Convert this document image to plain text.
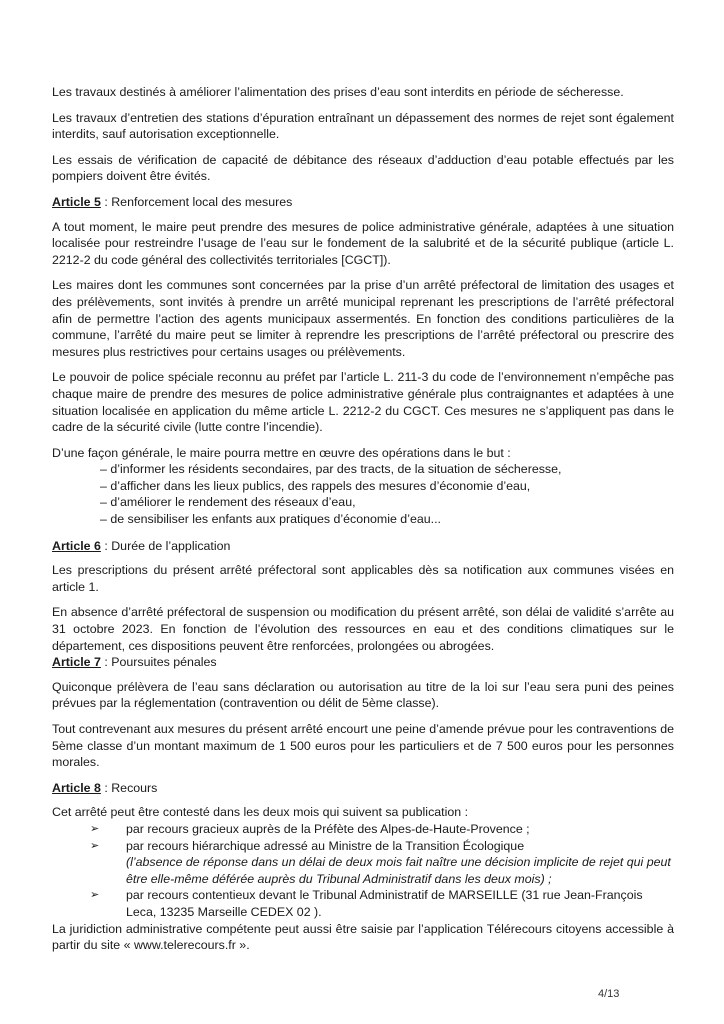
Les travaux destinés à améliorer l’alimentation des prises d’eau sont interdits en période de sécheresse.

Les travaux d’entretien des stations d’épuration entraînant un dépassement des normes de rejet sont également interdits, sauf autorisation exceptionnelle.

Les essais de vérification de capacité de débitance des réseaux d’adduction d’eau potable effectués par les pompiers doivent être évités.

Article 5 : Renforcement local des mesures

A tout moment, le maire peut prendre des mesures de police administrative générale, adaptées à une situation localisée pour restreindre l’usage de l’eau sur le fondement de la salubrité et de la sécurité publique (article L. 2212-2 du code général des collectivités territoriales [CGCT]).

Les maires dont les communes sont concernées par la prise d’un arrêté préfectoral de limitation des usages et des prélèvements, sont invités à prendre un arrêté municipal reprenant les prescriptions de l’arrêté préfectoral afin de permettre l’action des agents municipaux assermentés. En fonction des conditions particulières de la commune, l’arrêté du maire peut se limiter à reprendre les prescriptions de l’arrêté préfectoral ou prescrire des mesures plus restrictives pour certains usages ou prélèvements.

Le pouvoir de police spéciale reconnu au préfet par l’article L. 211-3 du code de l’environnement n’empêche pas chaque maire de prendre des mesures de police administrative générale plus contraignantes et adaptées à une situation localisée en application du même article L. 2212-2 du CGCT. Ces mesures ne s’appliquent pas dans le cadre de la sécurité civile (lutte contre l’incendie).

D’une façon générale, le maire pourra mettre en œuvre des opérations dans le but :

– d’informer les résidents secondaires, par des tracts, de la situation de sécheresse,
– d’afficher dans les lieux publics, des rappels des mesures d’économie d’eau,
– d’améliorer le rendement des réseaux d’eau,
– de sensibiliser les enfants aux pratiques d’économie d’eau...
Article 6 : Durée de l’application

Les prescriptions du présent arrêté préfectoral sont applicables dès sa notification aux communes visées en article 1.

En absence d’arrêté préfectoral de suspension ou modification du présent arrêté, son délai de validité s’arrête au 31 octobre 2023. En fonction de l’évolution des ressources en eau et des conditions climatiques sur le département, ces dispositions peuvent être renforcées, prolongées ou abrogées.

Article 7 : Poursuites pénales

Quiconque prélèvera de l’eau sans déclaration ou autorisation au titre de la loi sur l’eau sera puni des peines prévues par la réglementation (contravention ou délit de 5ème classe).

Tout contrevenant aux mesures du présent arrêté encourt une peine d’amende prévue pour les contraventions de 5ème classe d’un montant maximum de 1 500 euros pour les particuliers et de 7 500 euros pour les personnes morales.

Article 8 : Recours

Cet arrêté peut être contesté dans les deux mois qui suivent sa publication :

➢ par recours gracieux auprès de la Préfète des Alpes-de-Haute-Provence ;
➢ par recours hiérarchique adressé au Ministre de la Transition Écologique
(l’absence de réponse dans un délai de deux mois fait naître une décision implicite de rejet qui peut être elle-même déférée auprès du Tribunal Administratif dans les deux mois) ;
➢ par recours contentieux devant le Tribunal Administratif de MARSEILLE (31 rue Jean-François Leca, 13235 Marseille CEDEX 02 ).

La juridiction administrative compétente peut aussi être saisie par l’application Télérecours citoyens accessible à partir du site « www.telerecours.fr ».

4/13
